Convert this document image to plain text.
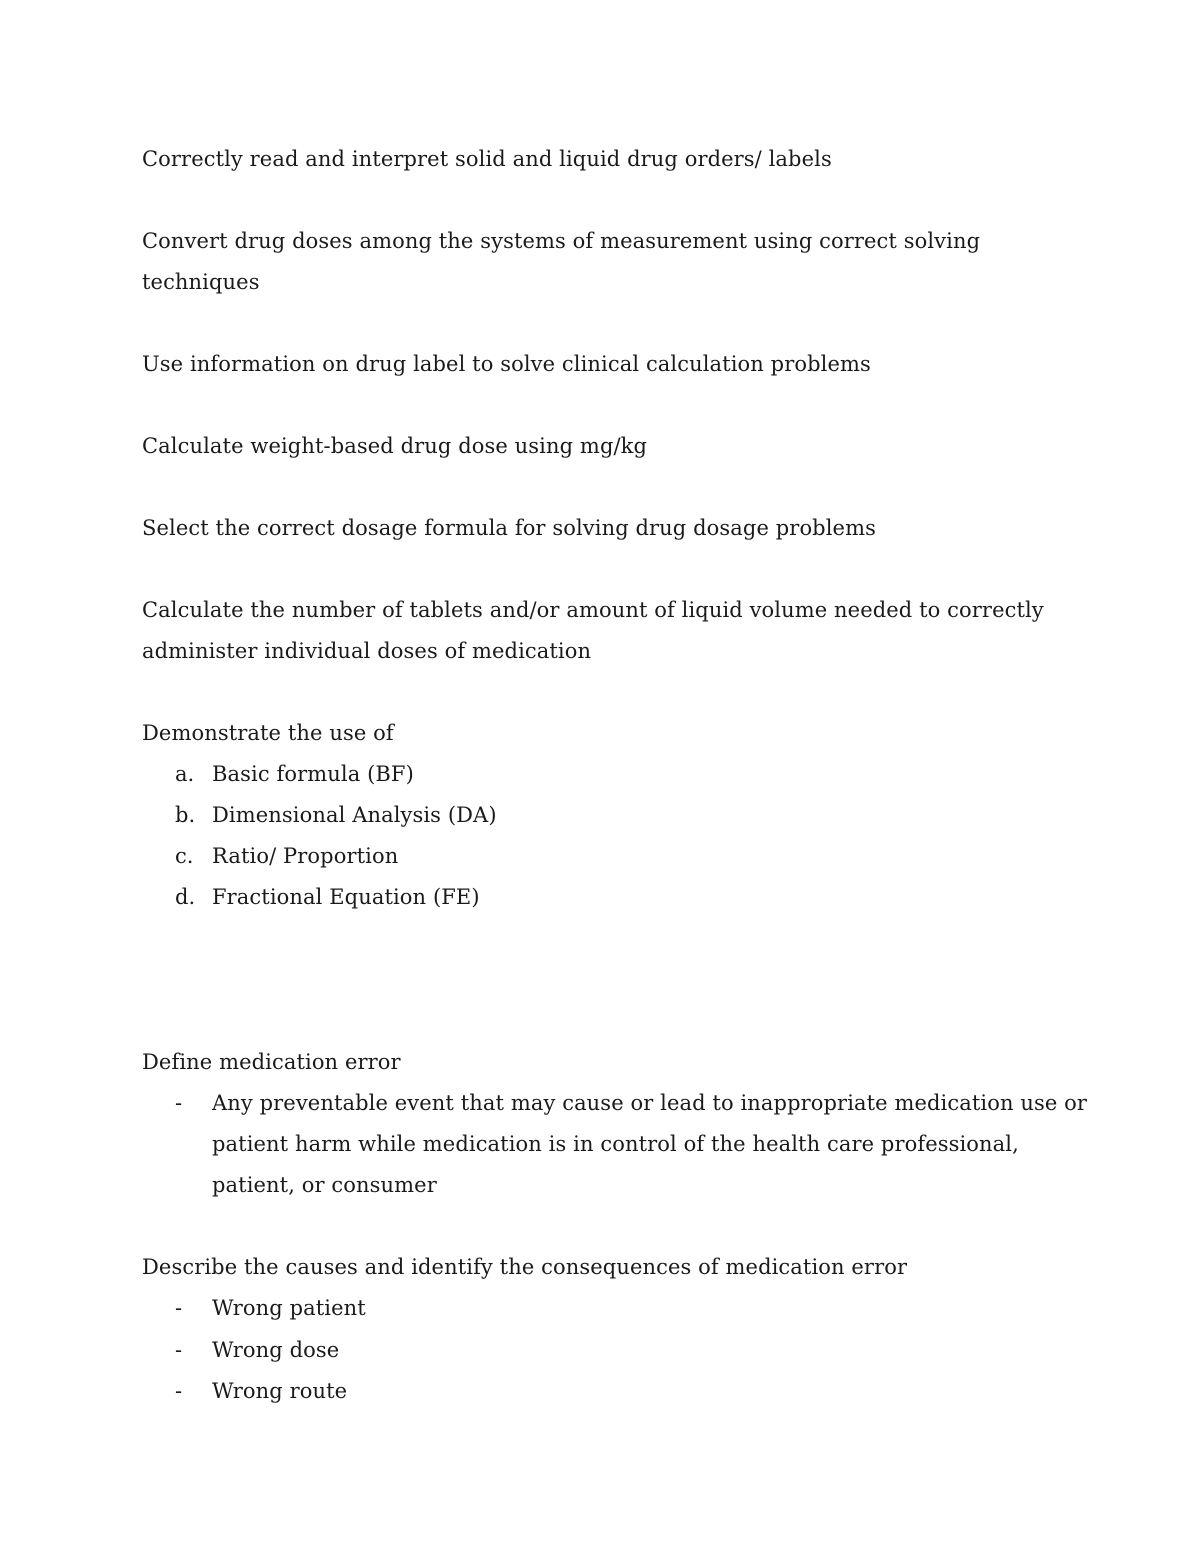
Correctly read and interpret solid and liquid drug orders/ labels
Convert drug doses among the systems of measurement using correct solving
techniques
Use information on drug label to solve clinical calculation problems
Calculate weight-based drug dose using mg/kg
Select the correct dosage formula for solving drug dosage problems
Calculate the number of tablets and/or amount of liquid volume needed to correctly
administer individual doses of medication
Demonstrate the use of
a. Basic formula (BF)
b. Dimensional Analysis (DA)
c. Ratio/ Proportion
d. Fractional Equation (FE)
Define medication error
- Any preventable event that may cause or lead to inappropriate medication use or
patient harm while medication is in control of the health care professional,
patient, or consumer
Describe the causes and identify the consequences of medication error
- Wrong patient
- Wrong dose
- Wrong route
